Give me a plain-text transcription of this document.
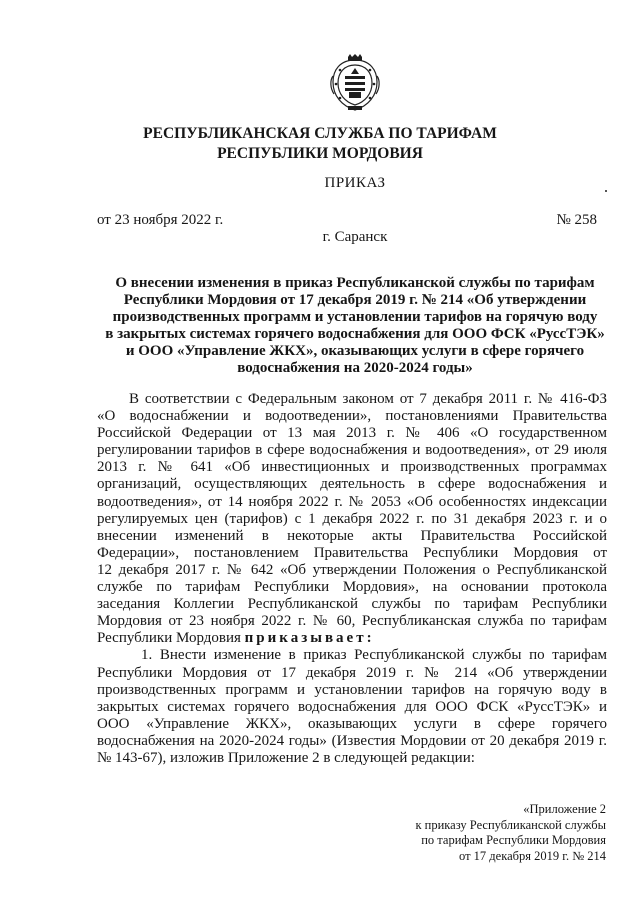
РЕСПУБЛИКАНСКАЯ СЛУЖБА ПО ТАРИФАМ
РЕСПУБЛИКИ МОРДОВИЯ
ПРИКАЗ
от 23 ноября 2022 г.	№ 258
г. Саранск
О внесении изменения в приказ Республиканской службы по тарифам
Республики Мордовия от 17 декабря 2019 г. № 214 «Об утверждении
производственных программ и установлении тарифов на горячую воду
в закрытых системах горячего водоснабжения для ООО ФСК «РуссТЭК»
и ООО «Управление ЖКХ», оказывающих услуги в сфере горячего
водоснабжения на 2020-2024 годы»
В соответствии с Федеральным законом от 7 декабря 2011 г. № 416-ФЗ
«О водоснабжении и водоотведении», постановлениями Правительства
Российской Федерации от 13 мая 2013 г. № 406 «О государственном
регулировании тарифов в сфере водоснабжения и водоотведения», от 29 июля
2013 г. № 641 «Об инвестиционных и производственных программах
организаций, осуществляющих деятельность в сфере водоснабжения и
водоотведения», от 14 ноября 2022 г. № 2053 «Об особенностях индексации
регулируемых цен (тарифов) с 1 декабря 2022 г. по 31 декабря 2023 г. и о
внесении изменений в некоторые акты Правительства Российской
Федерации», постановлением Правительства Республики Мордовия от
12 декабря 2017 г. № 642 «Об утверждении Положения о Республиканской
службе по тарифам Республики Мордовия», на основании протокола
заседания Коллегии Республиканской службы по тарифам Республики
Мордовия от 23 ноября 2022 г. № 60, Республиканская служба по тарифам
Республики Мордовия приказывает:
1. Внести изменение в приказ Республиканской службы по тарифам
Республики Мордовия от 17 декабря 2019 г. № 214 «Об утверждении
производственных программ и установлении тарифов на горячую воду в
закрытых системах горячего водоснабжения для ООО ФСК «РуссТЭК» и
ООО «Управление ЖКХ», оказывающих услуги в сфере горячего
водоснабжения на 2020-2024 годы» (Известия Мордовии от 20 декабря 2019 г.
№ 143-67), изложив Приложение 2 в следующей редакции:
«Приложение 2
к приказу Республиканской службы
по тарифам Республики Мордовия
от 17 декабря 2019 г. № 214
